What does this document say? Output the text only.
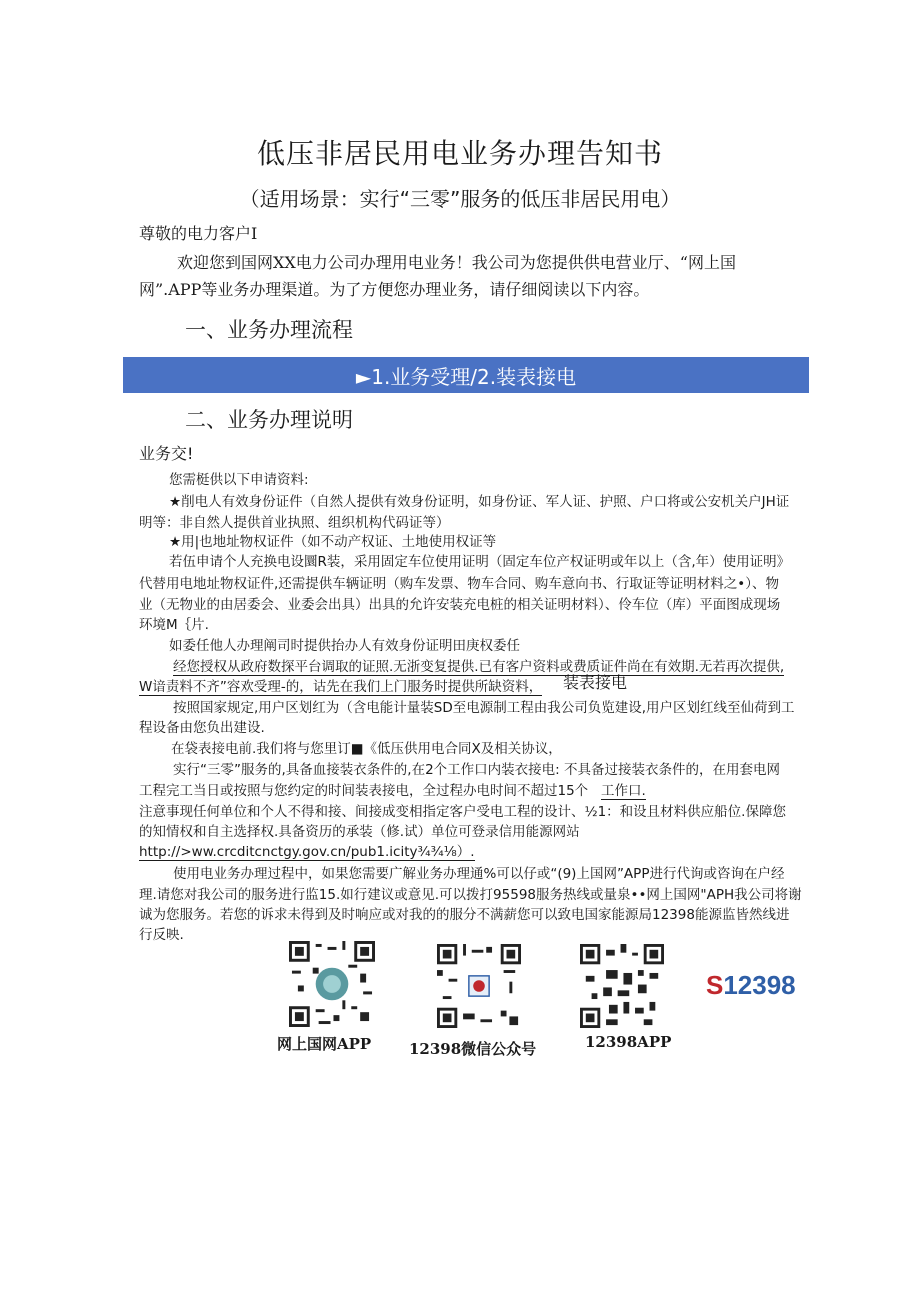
低压非居民用电业务办理告知书
（适用场景：实行“三零”服务的低压非居民用电）
尊敬的电力客户I
欢迎您到国网XX电力公司办理用电业务！我公司为您提供供电营业厅、“网上国
网”.APP等业务办理渠道。为了方便您办理业务，请仔细阅读以下内容。
一、业务办理流程
►1.业务受理/2.装表接电
二、业务办理说明
业务交!
您需梃供以下申请资料:
★削电人有效身份证件（自然人提供有效身份证明，如身份证、军人证、护照、户口将或公安机关户JH证
明等：非自然人提供首业执照、组织机构代码证等）
★用|也地址物权证件（如不动产权证、土地使用权证等
若伍申请个人充换电设圜R装，采用固定车位使用证明（固定车位产权证明或年以上（含,年）使用证明》
代替用电地址物权证件,还需提供车辆证明（购车发票、物车合同、购车意向书、行取证等证明材料之•）、物
业（无物业的由居委会、业委会出具）出具的允许安装充电桩的相关证明材料）、伶车位（库）平面图成现场
环境M｛片.
如委任他人办理阐司时提供抬办人有效身份证明田庚权委任
经您授权从政府数探平台调取的证照.无浙变复提供.已有客户资料或费质证件尚在有效期.无若再次提供,
W谙责料不齐”容欢受理-的，诂先在我们上门服务时提供所缺资料， 装表接电
按照国家规定,用户区划红为（含电能计量装SD至电源制工程由我公司负览建设,用户区划红线至仙荷到工
程设备由您负出建设.
在袋表接电前.我们将与您里订■《低压供用电合同X及相关协议，
实行“三零”服务的,具备血接装衣条件的,在2个工作口内装衣接电: 不具备过接装衣条件的，在用套电网
工程完工当日或按照与您约定的时间装表接电，全过程办电时间不超过15个 工作口.
注意事现任何单位和个人不得和接、间接成变相指定客户受电工程的设计、½1：和设且材料供应船位.保障您
的知情权和自主选择权.具备资历的承装（修.试）单位可登录信用能源网站
http://>ww.crcditcnctgy.gov.cn/pub1.icity¾¾⅛）.
使用电业务办理过程中，如果您需要广解业务办理通%可以仔或“(9)上国网”APP进行代询或咨询在户经
理.请您对我公司的服务进行监15.如行建议或意见.可以拨打95598服务热线或量泉••网上国网"APH我公司将谢
诚为您服务。若您的诉求未得到及时响应或对我的的服分不满薪您可以致电国家能源局12398能源监皆然线进
行反映.
网上国网APP	12398微信公众号	12398APP
S12398
